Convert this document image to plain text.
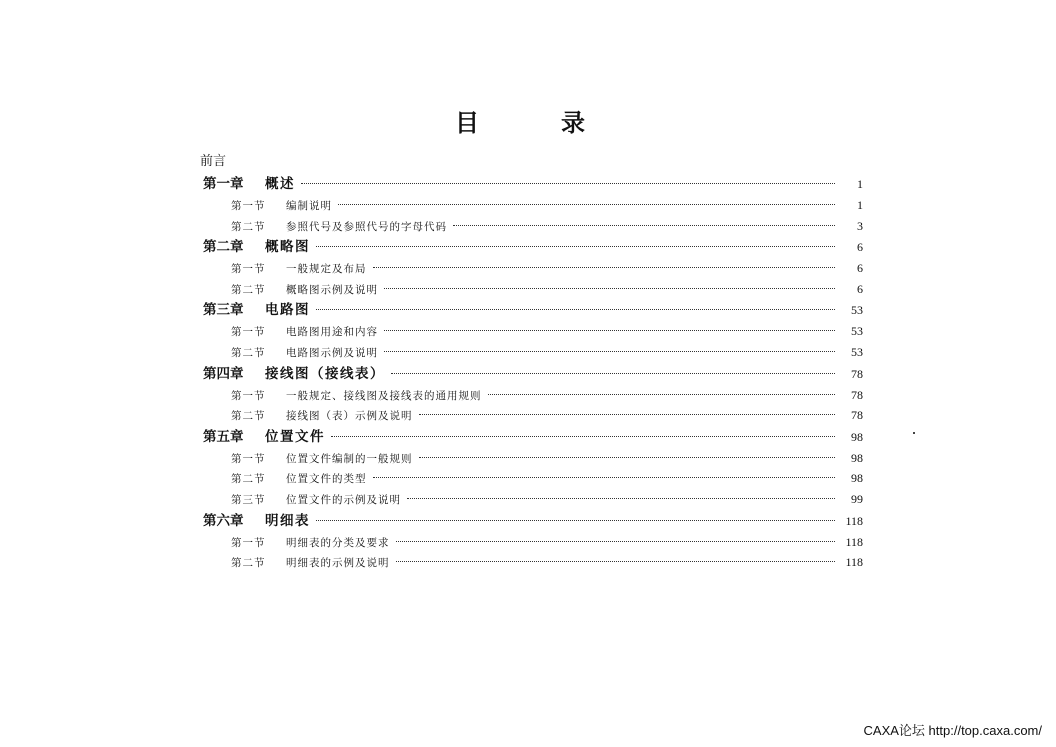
目	录
前言
第一章	概述	1
第一节	编制说明	1
第二节	参照代号及参照代号的字母代码	3
第二章	概略图	6
第一节	一般规定及布局	6
第二节	概略图示例及说明	6
第三章	电路图	53
第一节	电路图用途和内容	53
第二节	电路图示例及说明	53
第四章	接线图（接线表）	78
第一节	一般规定、接线图及接线表的通用规则	78
第二节	接线图（表）示例及说明	78
第五章	位置文件	98
第一节	位置文件编制的一般规则	98
第二节	位置文件的类型	98
第三节	位置文件的示例及说明	99
第六章	明细表	118
第一节	明细表的分类及要求	118
第二节	明细表的示例及说明	118
CAXA论坛 http://top.caxa.com/
